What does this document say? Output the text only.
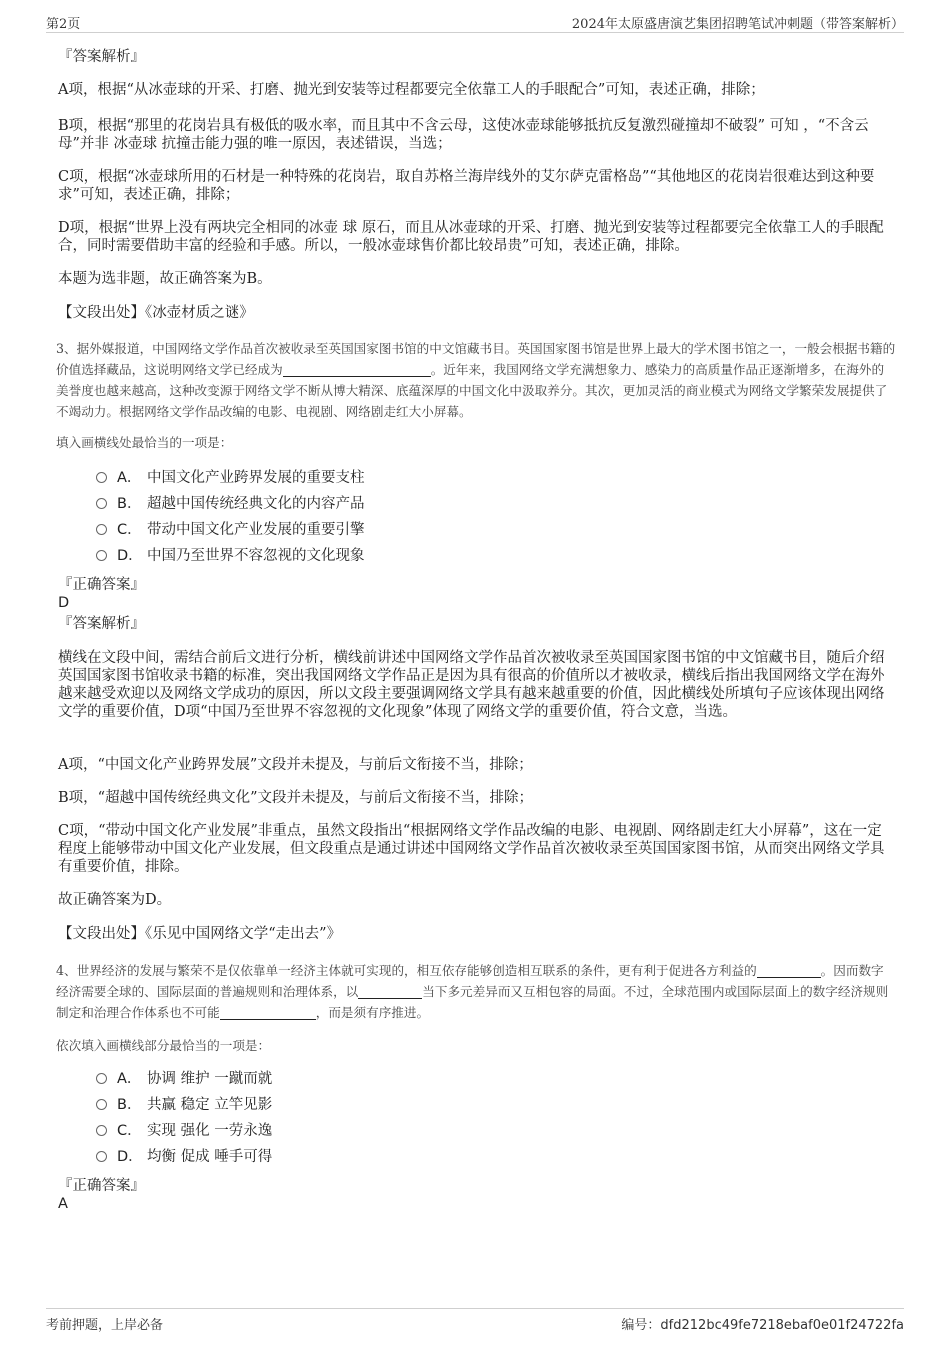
第2页	2024年太原盛唐演艺集团招聘笔试冲刺题（带答案解析）
『答案解析』

A项，根据“从冰壶球的开采、打磨、抛光到安装等过程都要完全依靠工人的手眼配合”可知，表述正确，排除；

B项，根据“那里的花岗岩具有极低的吸水率，而且其中不含云母，这使冰壶球能够抵抗反复激烈碰撞却不破裂” 可知 ，“不含云母”并非 冰壶球 抗撞击能力强的唯一原因，表述错误，当选；

C项，根据“冰壶球所用的石材是一种特殊的花岗岩，取自苏格兰海岸线外的艾尔萨克雷格岛”“其他地区的花岗岩很难达到这种要求”可知，表述正确，排除；

D项，根据“世界上没有两块完全相同的冰壶 球 原石，而且从冰壶球的开采、打磨、抛光到安装等过程都要完全依靠工人的手眼配合，同时需要借助丰富的经验和手感。所以，一般冰壶球售价都比较昂贵”可知，表述正确，排除。

本题为选非题，故正确答案为B。

【文段出处】《冰壶材质之谜》

3、据外媒报道，中国网络文学作品首次被收录至英国国家图书馆的中文馆藏书目。英国国家图书馆是世界上最大的学术图书馆之一，一般会根据书籍的价值选择藏品，这说明网络文学已经成为	。近年来，我国网络文学充满想象力、感染力的高质量作品正逐渐增多，在海外的美誉度也越来越高，这种改变源于网络文学不断从博大精深、底蕴深厚的中国文化中汲取养分。其次，更加灵活的商业模式为网络文学繁荣发展提供了不竭动力。根据网络文学作品改编的电影、电视剧、网络剧走红大小屏幕。

填入画横线处最恰当的一项是：
A． 中国文化产业跨界发展的重要支柱
B． 超越中国传统经典文化的内容产品
C． 带动中国文化产业发展的重要引擎
D． 中国乃至世界不容忽视的文化现象
『正确答案』
D
『答案解析』

横线在文段中间，需结合前后文进行分析，横线前讲述中国网络文学作品首次被收录至英国国家图书馆的中文馆藏书目，随后介绍英国国家图书馆收录书籍的标准，突出我国网络文学作品正是因为具有很高的价值所以才被收录，横线后指出我国网络文学在海外越来越受欢迎以及网络文学成功的原因，所以文段主要强调网络文学具有越来越重要的价值，因此横线处所填句子应该体现出网络文学的重要价值，D项“中国乃至世界不容忽视的文化现象”体现了网络文学的重要价值，符合文意，当选。

A项，“中国文化产业跨界发展”文段并未提及，与前后文衔接不当，排除；

B项，“超越中国传统经典文化”文段并未提及，与前后文衔接不当，排除；

C项，“带动中国文化产业发展”非重点，虽然文段指出“根据网络文学作品改编的电影、电视剧、网络剧走红大小屏幕”，这在一定程度上能够带动中国文化产业发展，但文段重点是通过讲述中国网络文学作品首次被收录至英国国家图书馆，从而突出网络文学具有重要价值，排除。

故正确答案为D。

【文段出处】《乐见中国网络文学“走出去”》

4、世界经济的发展与繁荣不是仅依靠单一经济主体就可实现的，相互依存能够创造相互联系的条件，更有利于促进各方利益的	。因而数字经济需要全球的、国际层面的普遍规则和治理体系，以	当下多元差异而又互相包容的局面。不过，全球范围内或国际层面上的数字经济规则制定和治理合作体系也不可能	，而是须有序推进。

依次填入画横线部分最恰当的一项是：
A． 协调 维护 一蹴而就
B． 共赢 稳定 立竿见影
C． 实现 强化 一劳永逸
D． 均衡 促成 唾手可得
『正确答案』
A
考前押题，上岸必备	编号：dfd212bc49fe7218ebaf0e01f24722fa
